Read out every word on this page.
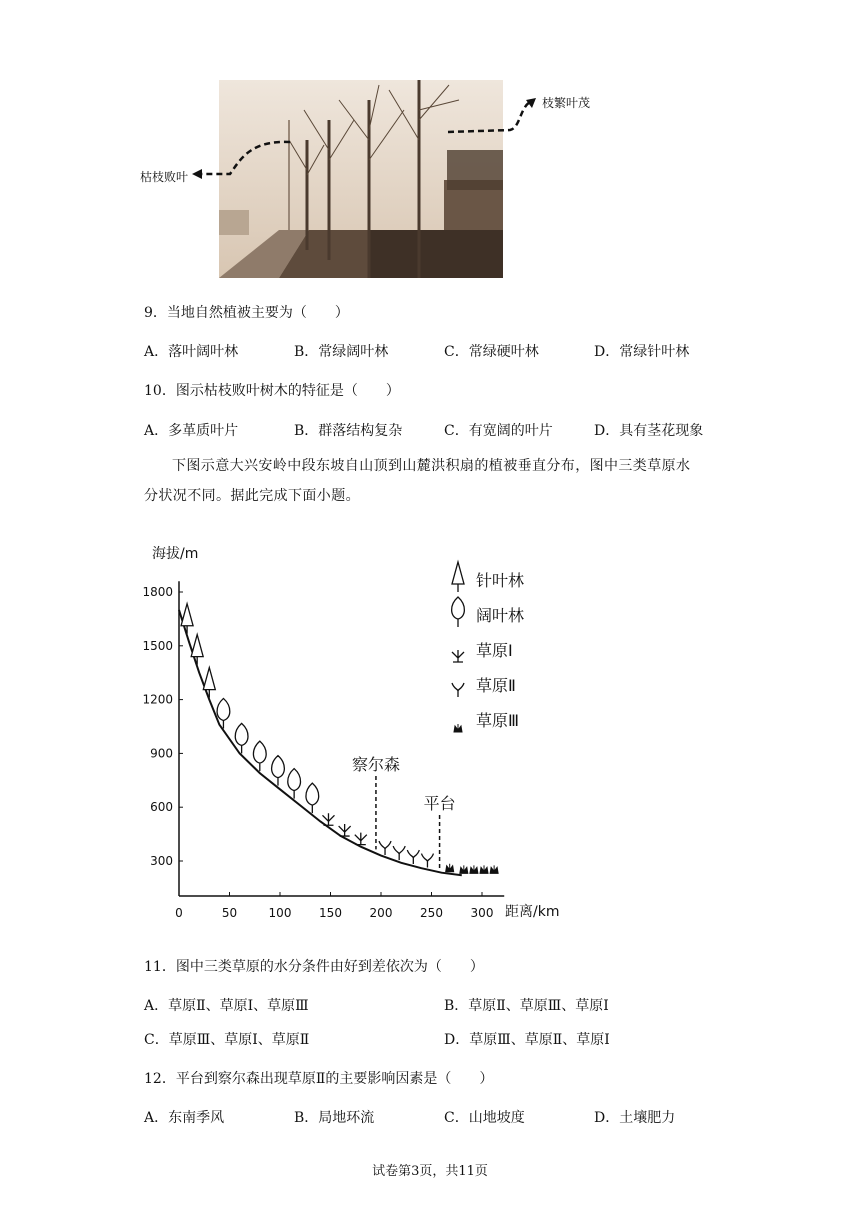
枯枝败叶
枝繁叶茂
9．当地自然植被主要为（　　）
A．落叶阔叶林	B．常绿阔叶林	C．常绿硬叶林	D．常绿针叶林
10．图示枯枝败叶树木的特征是（　　）
A．多革质叶片	B．群落结构复杂	C．有宽阔的叶片	D．具有茎花现象
下图示意大兴安岭中段东坡自山顶到山麓洪积扇的植被垂直分布，图中三类草原水
分状况不同。据此完成下面小题。
海拔/m
距离/km
0	50	100 150 200 250 300
300
600
900
1200
1500
1800
针叶林
阔叶林
草原Ⅰ
草原Ⅱ
草原Ⅲ
察尔森
平台
11．图中三类草原的水分条件由好到差依次为（　　）
A．草原Ⅱ、草原Ⅰ、草原Ⅲ	B．草原Ⅱ、草原Ⅲ、草原Ⅰ
C．草原Ⅲ、草原Ⅰ、草原Ⅱ	D．草原Ⅲ、草原Ⅱ、草原Ⅰ
12．平台到察尔森出现草原Ⅱ的主要影响因素是（　　）
A．东南季风	B．局地环流	C．山地坡度	D．土壤肥力
试卷第3页，共11页
